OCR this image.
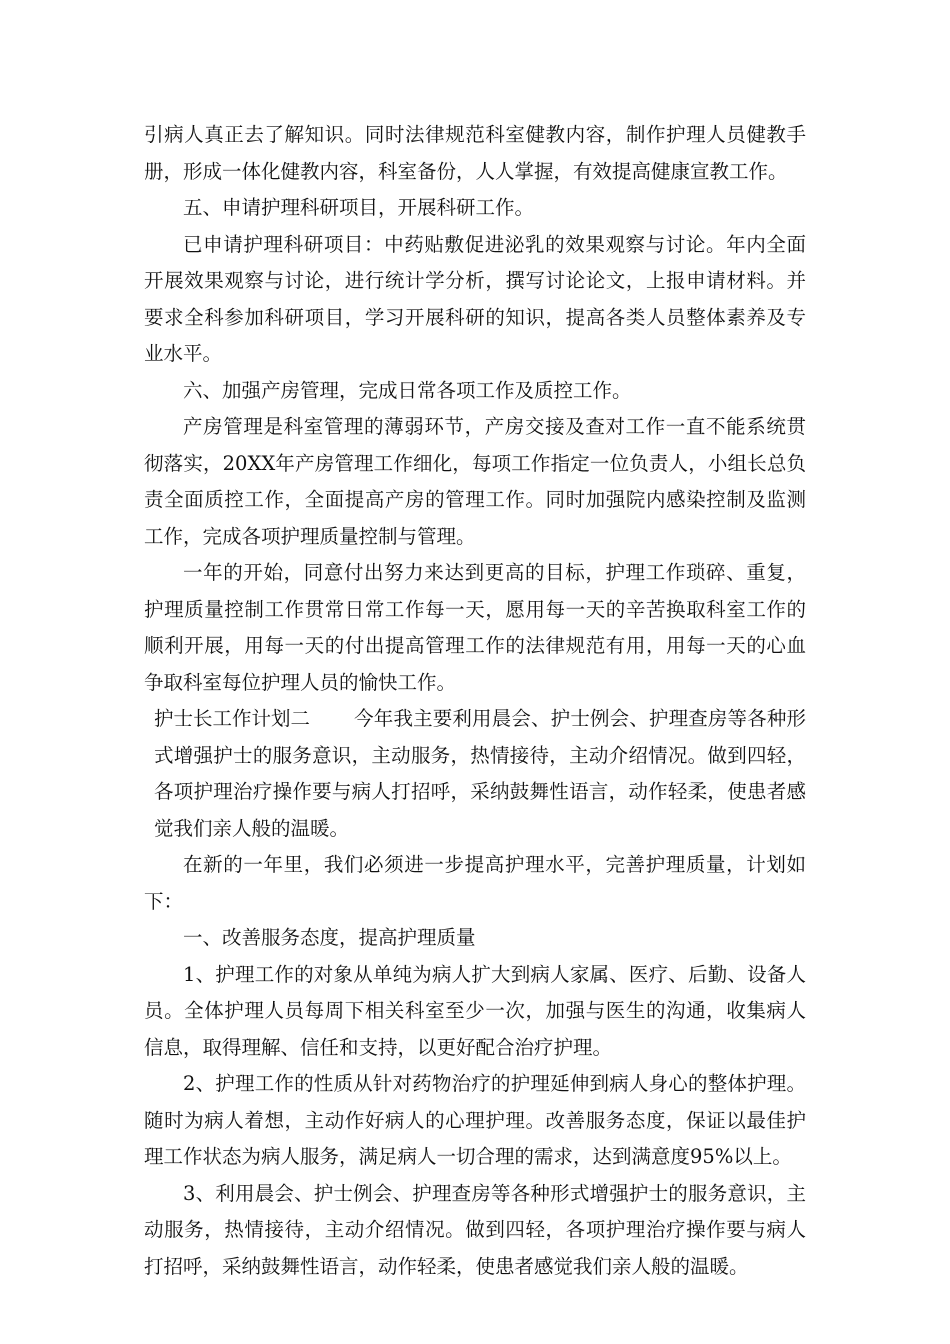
引病人真正去了解知识。同时法律规范科室健教内容，制作护理人员健教手册，形成一体化健教内容，科室备份，人人掌握，有效提高健康宣教工作。

五、申请护理科研项目，开展科研工作。

已申请护理科研项目：中药贴敷促进泌乳的效果观察与讨论。年内全面开展效果观察与讨论，进行统计学分析，撰写讨论论文，上报申请材料。并要求全科参加科研项目，学习开展科研的知识，提高各类人员整体素养及专业水平。

六、加强产房管理，完成日常各项工作及质控工作。

产房管理是科室管理的薄弱环节，产房交接及查对工作一直不能系统贯彻落实，20XX年产房管理工作细化，每项工作指定一位负责人，小组长总负责全面质控工作，全面提高产房的管理工作。同时加强院内感染控制及监测工作，完成各项护理质量控制与管理。

一年的开始，同意付出努力来达到更高的目标，护理工作琐碎、重复，护理质量控制工作贯常日常工作每一天，愿用每一天的辛苦换取科室工作的顺利开展，用每一天的付出提高管理工作的法律规范有用，用每一天的心血争取科室每位护理人员的愉快工作。

护士长工作计划二 今年我主要利用晨会、护士例会、护理查房等各种形式增强护士的服务意识，主动服务，热情接待，主动介绍情况。做到四轻，各项护理治疗操作要与病人打招呼，采纳鼓舞性语言，动作轻柔，使患者感觉我们亲人般的温暖。

在新的一年里，我们必须进一步提高护理水平，完善护理质量，计划如下：

一、改善服务态度，提高护理质量

1、护理工作的对象从单纯为病人扩大到病人家属、医疗、后勤、设备人员。全体护理人员每周下相关科室至少一次，加强与医生的沟通，收集病人信息，取得理解、信任和支持，以更好配合治疗护理。

2、护理工作的性质从针对药物治疗的护理延伸到病人身心的整体护理。随时为病人着想，主动作好病人的心理护理。改善服务态度，保证以最佳护理工作状态为病人服务，满足病人一切合理的需求，达到满意度95%以上。

3、利用晨会、护士例会、护理查房等各种形式增强护士的服务意识，主动服务，热情接待，主动介绍情况。做到四轻，各项护理治疗操作要与病人打招呼，采纳鼓舞性语言，动作轻柔，使患者感觉我们亲人般的温暖。
